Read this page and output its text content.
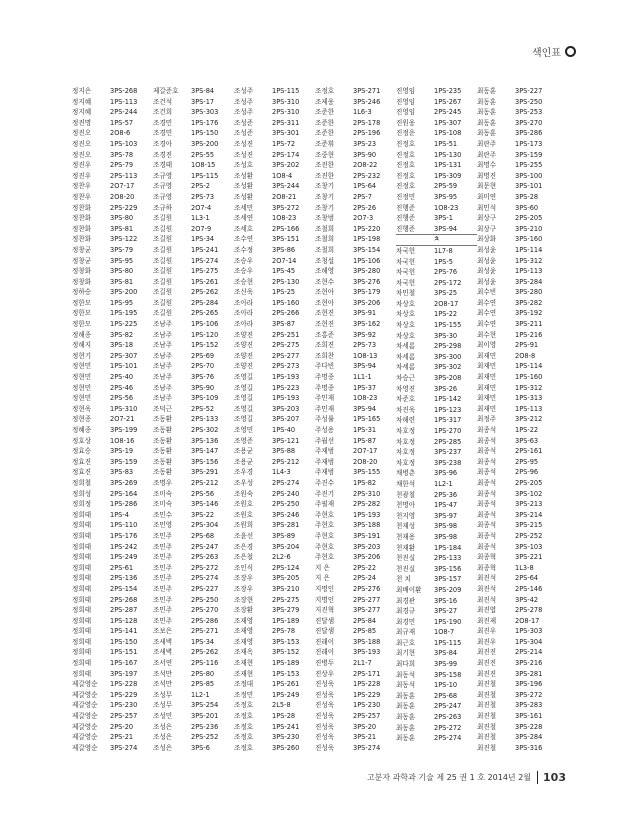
색인표
정지은	3PS-268
정지혜	1PS-113
정지혜	2PS-244
정진명	1PS-57
정진오	2O8-6
정진오	1PS-103
정진오	3PS-78
정진우	2PS-79
정진우	2PS-113
정찬우	2O7-17
정찬우	2O8-20
정찬화	2PS-229
정찬화	3PS-80
정찬화	3PS-81
정찬화	3PS-122
정창균	3PS-79
정창균	3PS-95
정창화	3PS-80
정창화	3PS-81
정하승	3PS-200
정한모	1PS-95
정한모	1PS-195
정한모	1PS-225
정해종	3PS-82
정해지	3PS-18
정현기	2PS-307
정현민	1PS-101
정현민	2PS-40
정현민	2PS-46
정현민	2PS-56
정현욱	1PS-310
정현종	2O7-21
정혜종	3PS-199
정호상	1O8-16
정효승	3PS-19
정효진	3PS-159
정효진	3PS-83
정희철	3PS-269
정희성	2PS-164
정희정	1PS-286
정희태	1PS-4
정희태	1PS-110
정희태	1PS-176
정희태	1PS-242
정희태	1PS-249
정희태	2PS-61
정희태	2PS-136
정희태	2PS-154
정희태	2PS-268
정희태	2PS-287
정희태	1PS-128
정희태	1PS-141
정희태	1PS-150
정희태	1PS-151
정희태	1PS-167
정희태	3PS-197
제갈영순	1PS-228
제갈영순	1PS-229
제갈영순	1PS-230
제갈영순	2PS-257
제갈영순	2PS-20
제갈영순	2PS-21
제갈영순	3PS-274
제갈준호	3PS-84
조건석	3PS-17
조건희	3PS-303
조경민	1PS-176
조경민	1PS-150
조경아	3PS-200
조경진	2PS-55
조경태	1O8-15
조규영	1PS-115
조규영	2PS-2
조규영	2PS-73
조규하	2O7-4
조길원	1L3-1
조길원	2O7-9
조길원	1PS-34
조길원	1PS-241
조길원	1PS-274
조길원	1PS-275
조길원	1PS-261
조길원	2PS-262
조길원	2PS-284
조길원	2PS-265
조남주	1PS-106
조남주	1PS-120
조남주	1PS-152
조남주	2PS-69
조남주	2PS-70
조남주	3PS-76
조남주	3PS-90
조남주	3PS-109
조덕근	2PS-52
조동환	2PS-133
조동환	2PS-302
조동환	3PS-136
조동환	3PS-147
조동환	3PS-156
조동환	3PS-291
조명우	2PS-212
조미숙	2PS-56
조미숙	3PS-146
조민수	3PS-22
조민영	2PS-304
조민주	2PS-68
조민주	2PS-247
조민주	2PS-263
조민주	2PS-272
조민주	2PS-274
조민주	2PS-227
조민주	2PS-250
조민주	2PS-270
조민주	2PS-286
조보은	2PS-271
조새벽	1PS-34
조새벽	2PS-262
조서연	2PS-116
조석만	2PS-80
조석만	2PS-85
조성무	1L2-1
조성무	3PS-254
조성민	3PS-201
조성은	2PS-236
조성은	2PS-252
조성은	3PS-6
조성주	1PS-115
조성주	3PS-310
조성주	2PS-310
조성준	2PS-311
조성준	3PS-301
조성진	1PS-72
조성진	2PS-174
조성호	3PS-202
조성환	1O8-4
조성환	3PS-244
조성환	2O8-21
조세민	3PS-272
조세연	1O8-23
조세호	2PS-166
조수연	3PS-151
조수정	3PS-86
조승우	2O7-14
조승우	1PS-45
조승현	2PS-130
조신욱	1PS-25
조아라	1PS-160
조아라	2PS-266
조아라	3PS-87
조양진	2PS-251
조양진	2PS-275
조양진	2PS-277
조양진	2PS-273
조영길	1PS-193
조영길	1PS-223
조영길	1PS-193
조영길	3PS-203
조영길	3PS-207
조영민	1PS-40
조영준	3PS-121
조용균	3PS-88
조용균	2PS-212
조우경	1L4-3
조우성	2PS-274
조원숙	2PS-240
조원호	2PS-250
조원호	3PS-246
조원희	3PS-281
조윤선	3PS-89
조은경	3PS-204
조은철	2L2-6
조인식	2PS-124
조장우	3PS-205
조장우	3PS-210
조장현	2PS-275
조장환	3PS-279
조재영	1PS-189
조재영	2PS-78
조재영	3PS-153
조재옥	3PS-152
조재현	1PS-189
조재현	1PS-153
조정대	1PS-261
조정민	1PS-249
조정호	2L5-8
조정호	1PS-28
조정호	1PS-241
조정호	3PS-230
조정호	3PS-260
조정호	3PS-271
조제웅	3PS-246
조준한	1L6-3
조준한	2PS-178
조준한	2PS-196
조준휘	3PS-23
조중현	3PS-90
조진한	2O8-22
조진한	2PS-232
조창기	1PS-64
조창기	2PS-7
조창기	2PS-26
조창범	2O7-3
조철희	1PS-220
조철희	1PS-198
조철희	3PS-154
조청섭	1PS-106
조해영	3PS-280
조현수	3PS-276
조현아	3PS-179
조현아	3PS-206
조현진	3PS-91
조현진	3PS-162
조홍준	3PS-92
조희진	2PS-73
조희찬	1O8-13
주다빈	3PS-94
주명종	1L1-1
주명종	1PS-37
주민재	1O8-23
주민재	3PS-94
주성률	1PS-165
주성용	1PS-31
주월선	1PS-87
주재범	2O7-17
주재범	2O8-20
주재범	3PS-155
주진수	1PS-82
주진기	2PS-310
주필재	2PS-282
주현호	1PS-193
주현호	3PS-188
주현호	3PS-191
주현호	3PS-203
주현호	3PS-206
지 은	2PS-22
지 은	2PS-24
지명인	2PS-276
지명인	2PS-277
지진혁	3PS-277
진달샘	2PS-84
진달샘	2PS-85
진래이	3PS-188
진래이	3PS-193
진병두	2L1-7
진상우	2PS-171
진성욱	1PS-228
진성욱	1PS-229
진성욱	1PS-230
진성욱	2PS-257
진성욱	3PS-20
진성욱	3PS-21
진성욱	3PS-274
진영임	1PS-235
진영임	1PS-267
진영임	2PS-245
진원웅	1PS-307
진정운	1PS-108
진정호	1PS-51
진정호	1PS-130
진정호	1PS-131
진정호	1PS-309
진정호	2PS-59
진정민	3PS-95
진행준	1O8-23
진행준	3PS-1
진행준	3PS-94
ㅊ
차국헌	1L7-8
차국헌	1PS-5
차국헌	2PS-76
차국헌	2PS-172
차민철	3PS-25
차상호	2O8-17
차상호	1PS-22
차상호	1PS-155
차상호	3PS-30
차세롬	2PS-298
차세롬	3PS-300
차세롬	3PS-302
차승근	3PS-208
차영진	3PS-26
차준호	1PS-142
차진욱	1PS-123
차해련	1PS-317
차호정	1PS-270
차호정	2PS-285
차호정	3PS-237
차호정	3PS-238
채병춘	3PS-96
채한석	1L2-1
천광철	2PS-36
천명아	1PS-47
천지영	3PS-97
천재성	3PS-98
천재용	3PS-98
천재환	1PS-184
천진실	2PS-133
천진실	3PS-156
천 치	3PS-157
최배이환	3PS-209
최경관	3PS-16
최경규	3PS-27
최경민	1PS-190
최규재	1O8-7
최근호	1PS-115
최기현	3PS-84
최다희	3PS-99
최동석	3PS-158
최동석	1PS-10
최동훈	2PS-68
최동훈	2PS-247
최동훈	2PS-263
최동훈	2PS-272
최동훈	2PS-274
최동훈	3PS-227
최동훈	3PS-250
최동훈	3PS-253
최동훈	3PS-270
최동훈	3PS-286
최란주	1PS-173
최란주	3PS-159
최명수	1PS-255
최명진	3PS-100
최문현	3PS-101
최미연	3PS-28
최민석	3PS-60
최상구	2PS-205
최상구	3PS-210
최상화	3PS-160
최성윤	1PS-114
최성윤	1PS-312
최성윤	1PS-113
최성윤	3PS-284
최수빈	3PS-280
최수연	3PS-282
최수연	3PS-192
최수연	3PS-211
최수현	1PS-216
최이영	2PS-91
최재민	2O8-8
최재민	1PS-114
최재민	1PS-160
최재민	1PS-312
최재민	1PS-313
최재민	1PS-113
최정주	3PS-212
최종석	1PS-22
최종석	3PS-63
최종석	2PS-161
최종석	2PS-95
최종석	2PS-96
최종석	2PS-205
최종석	3PS-102
최종석	3PS-213
최종석	3PS-214
최종석	3PS-215
최종석	2PS-252
최종석	3PS-103
최종혁	3PS-221
최종혁	1L3-8
최진석	2PS-64
최진석	2PS-146
최진석	3PS-42
최진엽	2PS-278
최진제	2O8-17
최진우	1PS-303
최진우	1PS-304
최진진	2PS-214
최진진	3PS-216
최진진	3PS-281
최진철	3PS-196
최진철	3PS-272
최진철	3PS-283
최진철	3PS-161
최진철	3PS-228
최진철	3PS-284
최진철	3PS-316
고분자 과학과 기술 제 25 권 1 호 2014년 2월	103
